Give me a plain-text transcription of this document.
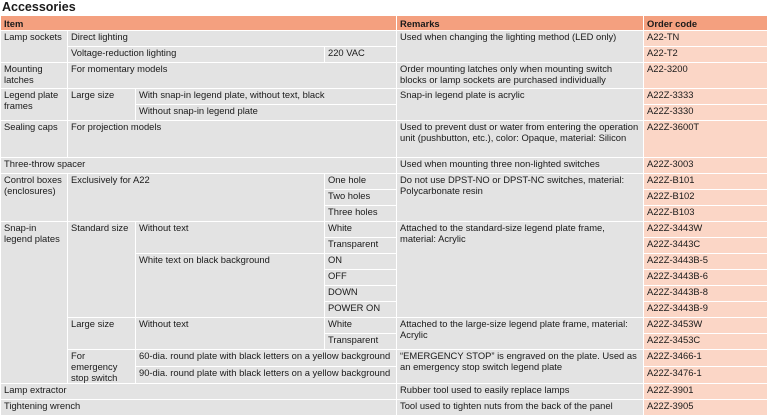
Accessories
Item				Remarks	Order code
Lamp sockets	Direct lighting			Used when changing the lighting method (LED only)	A22-TN
	Voltage-reduction lighting		220 VAC		A22-T2
Mounting latches	For momentary models			Order mounting latches only when mounting switch blocks or lamp sockets are purchased individually	A22-3200
Legend plate frames	Large size	With snap-in legend plate, without text, black		Snap-in legend plate is acrylic	A22Z-3333
		Without snap-in legend plate			A22Z-3330
Sealing caps	For projection models			Used to prevent dust or water from entering the operation unit (pushbutton, etc.), color: Opaque, material: Silicon	A22Z-3600T
Three-throw spacer				Used when mounting three non-lighted switches	A22Z-3003
Control boxes (enclosures)	Exclusively for A22		One hole	Do not use DPST-NO or DPST-NC switches, material: Polycarbonate resin	A22Z-B101
			Two holes		A22Z-B102
			Three holes		A22Z-B103
Snap-in legend plates	Standard size	Without text	White	Attached to the standard-size legend plate frame, material: Acrylic	A22Z-3443W
			Transparent		A22Z-3443C
		White text on black background	ON		A22Z-3443B-5
			OFF		A22Z-3443B-6
			DOWN		A22Z-3443B-8
			POWER ON		A22Z-3443B-9
	Large size	Without text	White	Attached to the large-size legend plate frame, material: Acrylic	A22Z-3453W
			Transparent		A22Z-3453C
	For emergency stop switch	60-dia. round plate with black letters on a yellow background		“EMERGENCY STOP” is engraved on the plate. Used as an emergency stop switch legend plate	A22Z-3466-1
		90-dia. round plate with black letters on a yellow background			A22Z-3476-1
Lamp extractor				Rubber tool used to easily replace lamps	A22Z-3901
Tightening wrench				Tool used to tighten nuts from the back of the panel	A22Z-3905
